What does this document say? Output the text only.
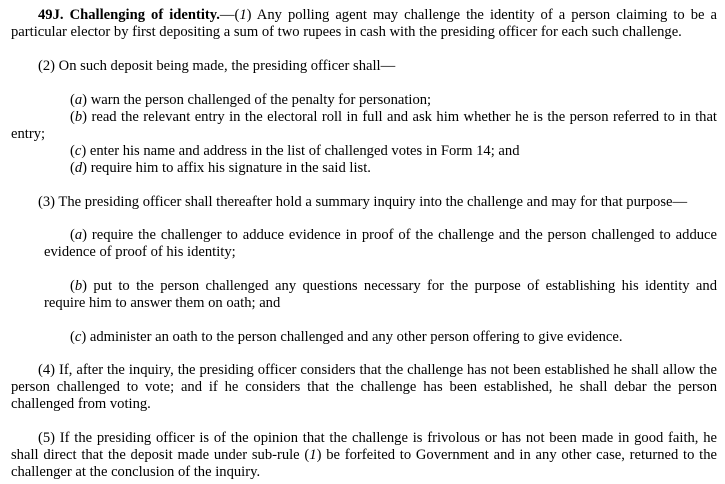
49J. Challenging of identity.—(1) Any polling agent may challenge the identity of a person claiming to be a particular elector by first depositing a sum of two rupees in cash with the presiding officer for each such challenge.

(2) On such deposit being made, the presiding officer shall—

(a) warn the person challenged of the penalty for personation;
(b) read the relevant entry in the electoral roll in full and ask him whether he is the person referred to in that entry;
(c) enter his name and address in the list of challenged votes in Form 14; and
(d) require him to affix his signature in the said list.

(3) The presiding officer shall thereafter hold a summary inquiry into the challenge and may for that purpose—

(a) require the challenger to adduce evidence in proof of the challenge and the person challenged to adduce evidence of proof of his identity;
(b) put to the person challenged any questions necessary for the purpose of establishing his identity and require him to answer them on oath; and
(c) administer an oath to the person challenged and any other person offering to give evidence.

(4) If, after the inquiry, the presiding officer considers that the challenge has not been established he shall allow the person challenged to vote; and if he considers that the challenge has been established, he shall debar the person challenged from voting.

(5) If the presiding officer is of the opinion that the challenge is frivolous or has not been made in good faith, he shall direct that the deposit made under sub-rule (1) be forfeited to Government and in any other case, returned to the challenger at the conclusion of the inquiry.
